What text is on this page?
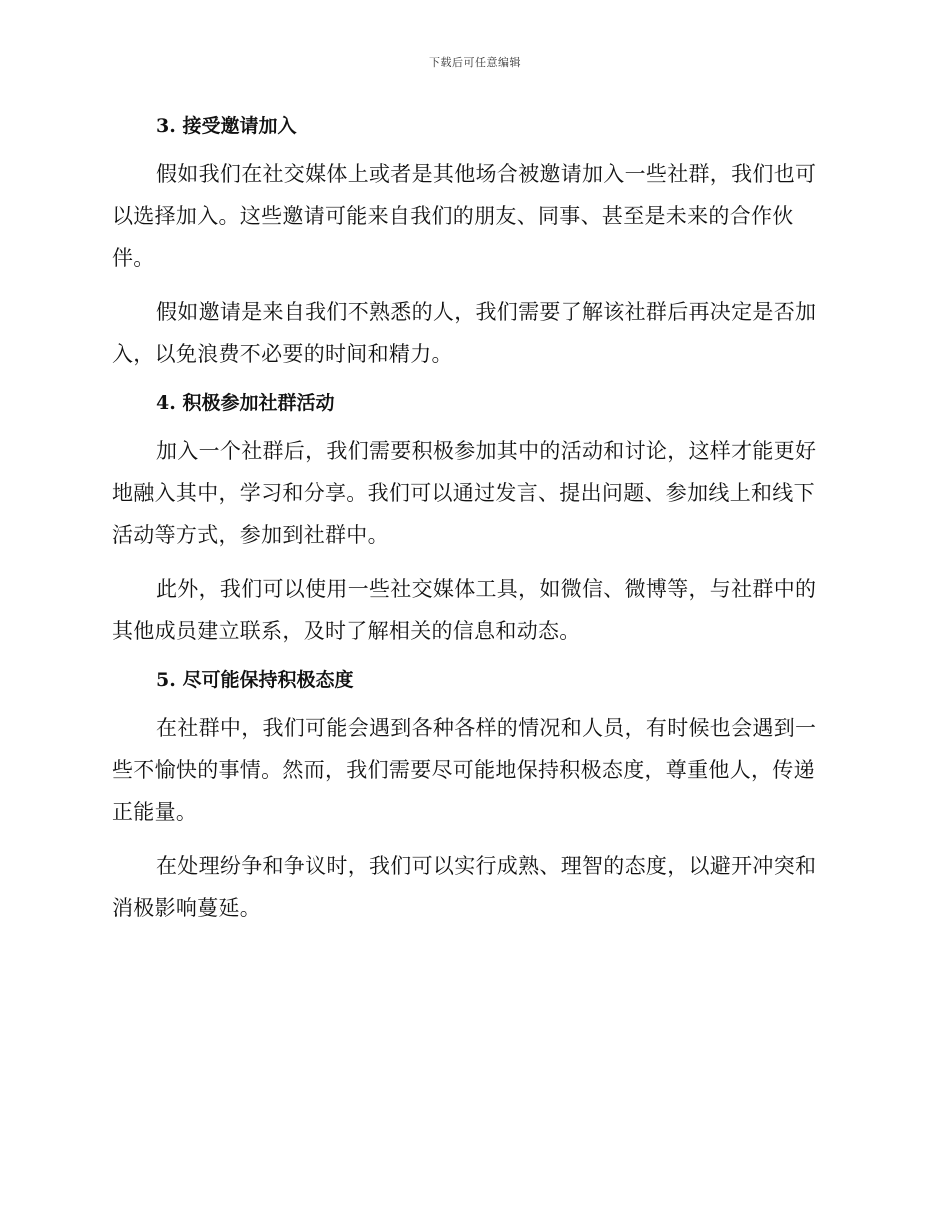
下载后可任意编辑

3. 接受邀请加入

假如我们在社交媒体上或者是其他场合被邀请加入一些社群，我们也可以选择加入。这些邀请可能来自我们的朋友、同事、甚至是未来的合作伙伴。

假如邀请是来自我们不熟悉的人，我们需要了解该社群后再决定是否加入，以免浪费不必要的时间和精力。

4. 积极参加社群活动

加入一个社群后，我们需要积极参加其中的活动和讨论，这样才能更好地融入其中，学习和分享。我们可以通过发言、提出问题、参加线上和线下活动等方式，参加到社群中。

此外，我们可以使用一些社交媒体工具，如微信、微博等，与社群中的其他成员建立联系，及时了解相关的信息和动态。

5. 尽可能保持积极态度

在社群中，我们可能会遇到各种各样的情况和人员，有时候也会遇到一些不愉快的事情。然而，我们需要尽可能地保持积极态度，尊重他人，传递正能量。

在处理纷争和争议时，我们可以实行成熟、理智的态度，以避开冲突和消极影响蔓延。
